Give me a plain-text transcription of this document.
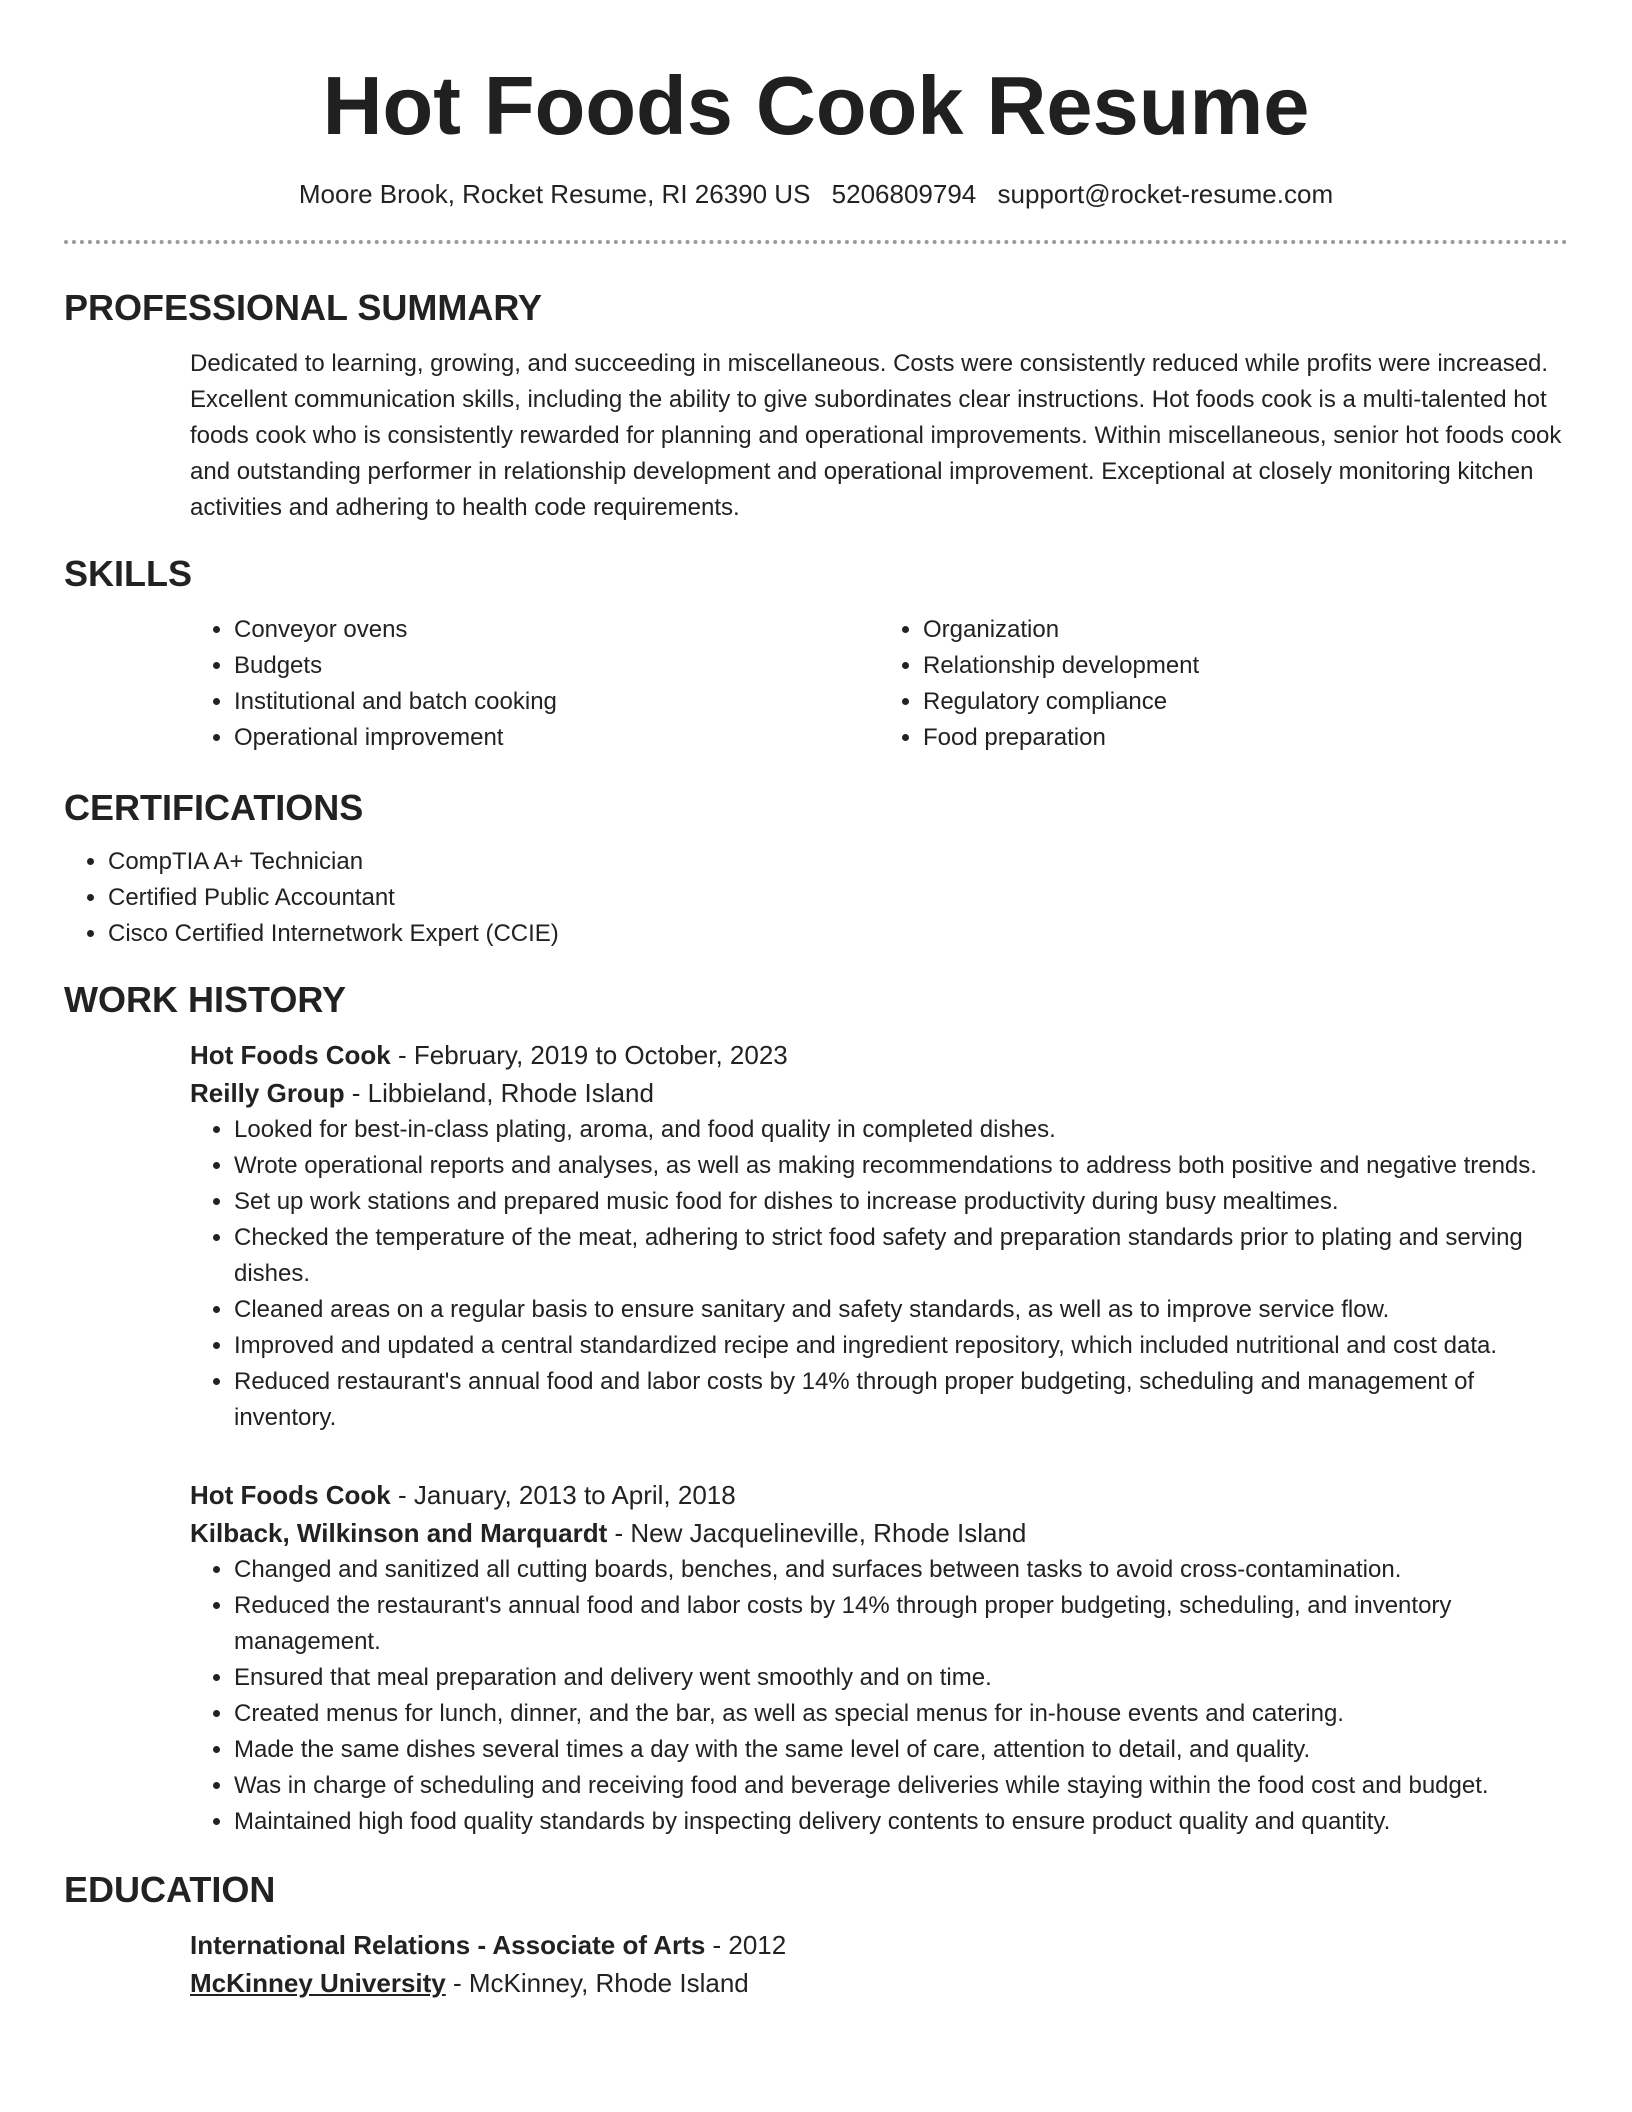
Hot Foods Cook Resume
Moore Brook, Rocket Resume, RI 26390 US 5206809794 support@rocket-resume.com
PROFESSIONAL SUMMARY
Dedicated to learning, growing, and succeeding in miscellaneous. Costs were consistently reduced while profits were increased. Excellent communication skills, including the ability to give subordinates clear instructions. Hot foods cook is a multi-talented hot foods cook who is consistently rewarded for planning and operational improvements. Within miscellaneous, senior hot foods cook and outstanding performer in relationship development and operational improvement. Exceptional at closely monitoring kitchen activities and adhering to health code requirements.
SKILLS
• Conveyor ovens
• Budgets
• Institutional and batch cooking
• Operational improvement
• Organization
• Relationship development
• Regulatory compliance
• Food preparation
CERTIFICATIONS
• CompTIA A+ Technician
• Certified Public Accountant
• Cisco Certified Internetwork Expert (CCIE)
WORK HISTORY
Hot Foods Cook - February, 2019 to October, 2023
Reilly Group - Libbieland, Rhode Island
• Looked for best-in-class plating, aroma, and food quality in completed dishes.
• Wrote operational reports and analyses, as well as making recommendations to address both positive and negative trends.
• Set up work stations and prepared music food for dishes to increase productivity during busy mealtimes.
• Checked the temperature of the meat, adhering to strict food safety and preparation standards prior to plating and serving dishes.
• Cleaned areas on a regular basis to ensure sanitary and safety standards, as well as to improve service flow.
• Improved and updated a central standardized recipe and ingredient repository, which included nutritional and cost data.
• Reduced restaurant's annual food and labor costs by 14% through proper budgeting, scheduling and management of inventory.
Hot Foods Cook - January, 2013 to April, 2018
Kilback, Wilkinson and Marquardt - New Jacquelineville, Rhode Island
• Changed and sanitized all cutting boards, benches, and surfaces between tasks to avoid cross-contamination.
• Reduced the restaurant's annual food and labor costs by 14% through proper budgeting, scheduling, and inventory management.
• Ensured that meal preparation and delivery went smoothly and on time.
• Created menus for lunch, dinner, and the bar, as well as special menus for in-house events and catering.
• Made the same dishes several times a day with the same level of care, attention to detail, and quality.
• Was in charge of scheduling and receiving food and beverage deliveries while staying within the food cost and budget.
• Maintained high food quality standards by inspecting delivery contents to ensure product quality and quantity.
EDUCATION
International Relations - Associate of Arts - 2012
McKinney University - McKinney, Rhode Island
